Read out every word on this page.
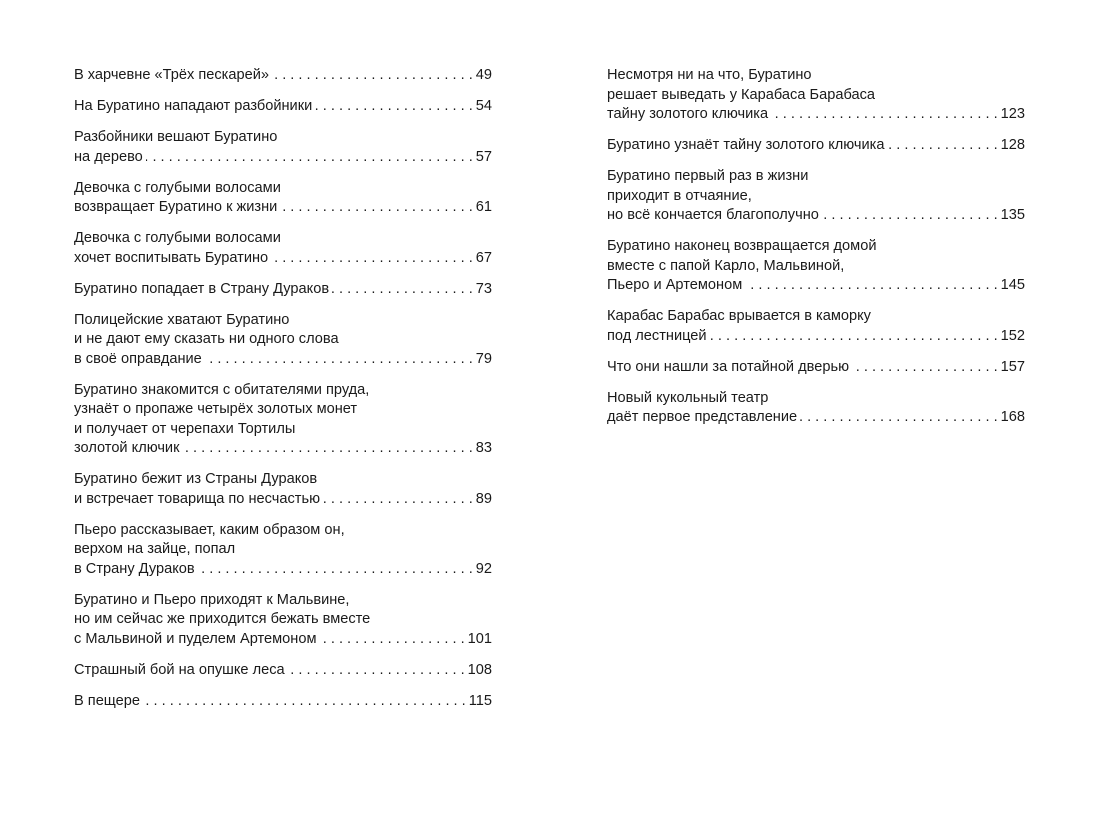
В харчевне «Трёх пескарей» . . .	49
На Буратино нападают разбойники . . .	54
Разбойники вешают Буратино
на дерево . . .	57
Девочка с голубыми волосами
возвращает Буратино к жизни . . .	61
Девочка с голубыми волосами
хочет воспитывать Буратино . . .	67
Буратино попадает в Страну Дураков . . .	73
Полицейские хватают Буратино
и не дают ему сказать ни одного слова
в своё оправдание . . .	79
Буратино знакомится с обитателями пруда,
узнаёт о пропаже четырёх золотых монет
и получает от черепахи Тортилы
золотой ключик . . .	83
Буратино бежит из Страны Дураков
и встречает товарища по несчастью . . .	89
Пьеро рассказывает, каким образом он,
верхом на зайце, попал
в Страну Дураков . . .	92
Буратино и Пьеро приходят к Мальвине,
но им сейчас же приходится бежать вместе
с Мальвиной и пуделем Артемоном . . .	101
Страшный бой на опушке леса . . .	108
В пещере . . .	115
Несмотря ни на что, Буратино
решает выведать у Карабаса Барабаса
тайну золотого ключика . . .	123
Буратино узнаёт тайну золотого ключика . . .	128
Буратино первый раз в жизни
приходит в отчаяние,
но всё кончается благополучно . . .	135
Буратино наконец возвращается домой
вместе с папой Карло, Мальвиной,
Пьеро и Артемоном . . .	145
Карабас Барабас врывается в каморку
под лестницей . . .	152
Что они нашли за потайной дверью . . .	157
Новый кукольный театр
даёт первое представление . . .	168
